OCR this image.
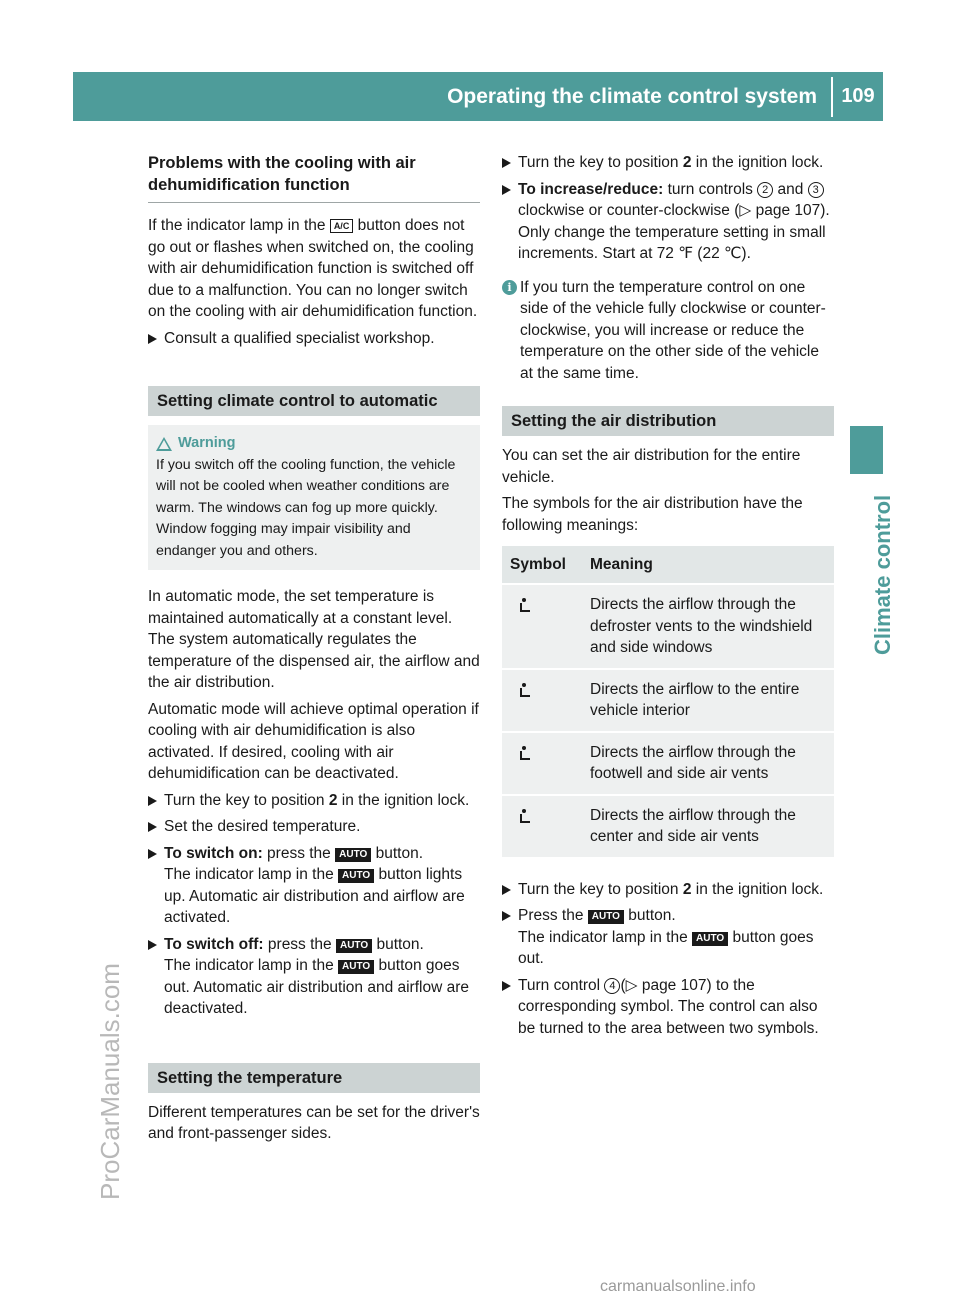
Operating the climate control system	109
Climate control
ProCarManuals.com
carmanualsonline.info
Problems with the cooling with air dehumidification function

If the indicator lamp in the A/C button does not go out or flashes when switched on, the cooling with air dehumidification function is switched off due to a malfunction. You can no longer switch on the cooling with air dehumidification function.

Consult a qualified specialist workshop.
Setting climate control to automatic
Warning
If you switch off the cooling function, the vehicle will not be cooled when weather conditions are warm. The windows can fog up more quickly. Window fogging may impair visibility and endanger you and others.

In automatic mode, the set temperature is maintained automatically at a constant level. The system automatically regulates the temperature of the dispensed air, the airflow and the air distribution.

Automatic mode will achieve optimal operation if cooling with air dehumidification is also activated. If desired, cooling with air dehumidification can be deactivated.

Turn the key to position 2 in the ignition lock.
Set the desired temperature.
To switch on: press the AUTO button.
The indicator lamp in the AUTO button lights up. Automatic air distribution and airflow are activated.
To switch off: press the AUTO button.
The indicator lamp in the AUTO button goes out. Automatic air distribution and airflow are deactivated.
Setting the temperature

Different temperatures can be set for the driver's and front-passenger sides.

Turn the key to position 2 in the ignition lock.
To increase/reduce: turn controls 2 and 3 clockwise or counter-clockwise (▷ page 107).
Only change the temperature setting in small increments. Start at 72 ℉ (22 ℃).
i If you turn the temperature control on one side of the vehicle fully clockwise or counter-clockwise, you will increase or reduce the temperature on the other side of the vehicle at the same time.
Setting the air distribution

You can set the air distribution for the entire vehicle.

The symbols for the air distribution have the following meanings:

Symbol	Meaning
	Directs the airflow through the defroster vents to the windshield and side windows
	Directs the airflow to the entire vehicle interior
	Directs the airflow through the footwell and side air vents
	Directs the airflow through the center and side air vents
Turn the key to position 2 in the ignition lock.
Press the AUTO button.
The indicator lamp in the AUTO button goes out.
Turn control 4 (▷ page 107) to the corresponding symbol. The control can also be turned to the area between two symbols.
